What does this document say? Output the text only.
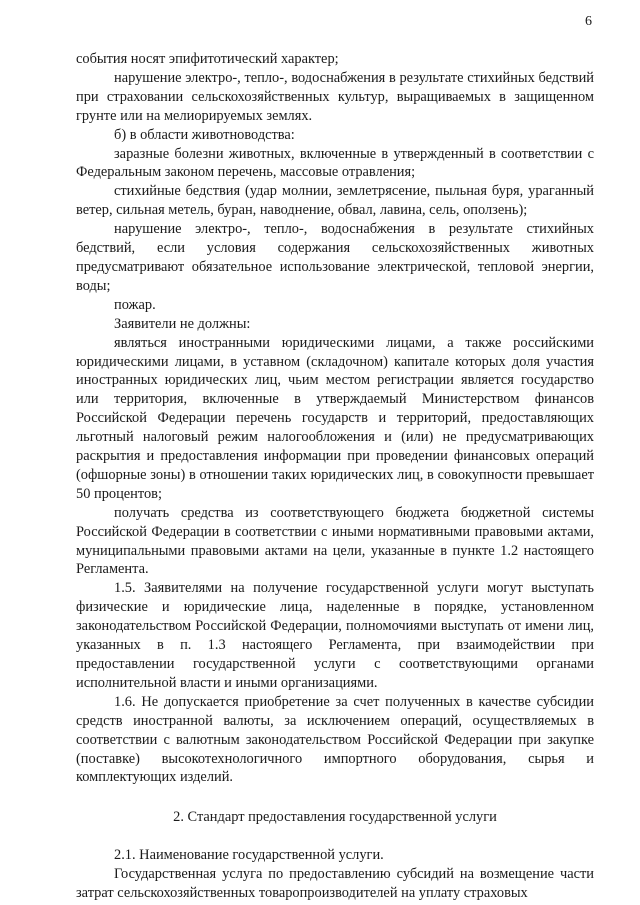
6

события носят эпифитотический характер;

нарушение электро-, тепло-, водоснабжения в результате стихийных бедствий при страховании сельскохозяйственных культур, выращиваемых в защищенном грунте или на мелиорируемых землях.

б) в области животноводства:

заразные болезни животных, включенные в утвержденный в соответствии с Федеральным законом перечень, массовые отравления;

стихийные бедствия (удар молнии, землетрясение, пыльная буря, ураганный ветер, сильная метель, буран, наводнение, обвал, лавина, сель, оползень);

нарушение электро-, тепло-, водоснабжения в результате стихийных бедствий, если условия содержания сельскохозяйственных животных предусматривают обязательное использование электрической, тепловой энергии, воды;

пожар.

Заявители не должны:

являться иностранными юридическими лицами, а также российскими юридическими лицами, в уставном (складочном) капитале которых доля участия иностранных юридических лиц, чьим местом регистрации является государство или территория, включенные в утверждаемый Министерством финансов Российской Федерации перечень государств и территорий, предоставляющих льготный налоговый режим налогообложения и (или) не предусматривающих раскрытия и предоставления информации при проведении финансовых операций (офшорные зоны) в отношении таких юридических лиц, в совокупности превышает 50 процентов;

получать средства из соответствующего бюджета бюджетной системы Российской Федерации в соответствии с иными нормативными правовыми актами, муниципальными правовыми актами на цели, указанные в пункте 1.2 настоящего Регламента.

1.5. Заявителями на получение государственной услуги могут выступать физические и юридические лица, наделенные в порядке, установленном законодательством Российской Федерации, полномочиями выступать от имени лиц, указанных в п. 1.3 настоящего Регламента, при взаимодействии при предоставлении государственной услуги с соответствующими органами исполнительной власти и иными организациями.

1.6. Не допускается приобретение за счет полученных в качестве субсидии средств иностранной валюты, за исключением операций, осуществляемых в соответствии с валютным законодательством Российской Федерации при закупке (поставке) высокотехнологичного импортного оборудования, сырья и комплектующих изделий.

2. Стандарт предоставления государственной услуги

2.1. Наименование государственной услуги.

Государственная услуга по предоставлению субсидий на возмещение части затрат сельскохозяйственных товаропроизводителей на уплату страховых
